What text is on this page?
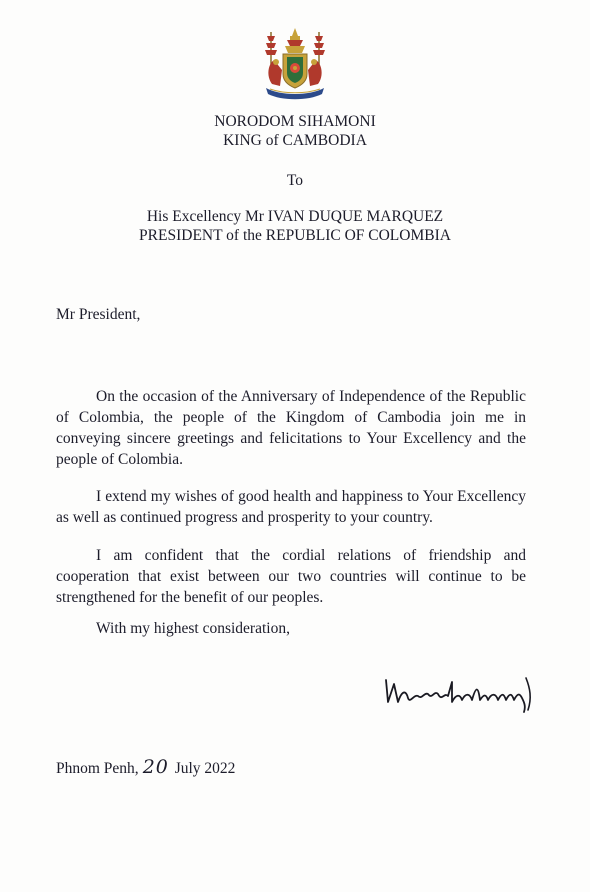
NORODOM SIHAMONI
KING of CAMBODIA
To
His Excellency Mr IVAN DUQUE MARQUEZ
PRESIDENT of the REPUBLIC OF COLOMBIA
Mr President,

On the occasion of the Anniversary of Independence of the Republic of Colombia, the people of the Kingdom of Cambodia join me in conveying sincere greetings and felicitations to Your Excellency and the people of Colombia.

I extend my wishes of good health and happiness to Your Excellency as well as continued progress and prosperity to your country.

I am confident that the cordial relations of friendship and cooperation that exist between our two countries will continue to be strengthened for the benefit of our peoples.

With my highest consideration,
Phnom Penh, 20 July 2022
